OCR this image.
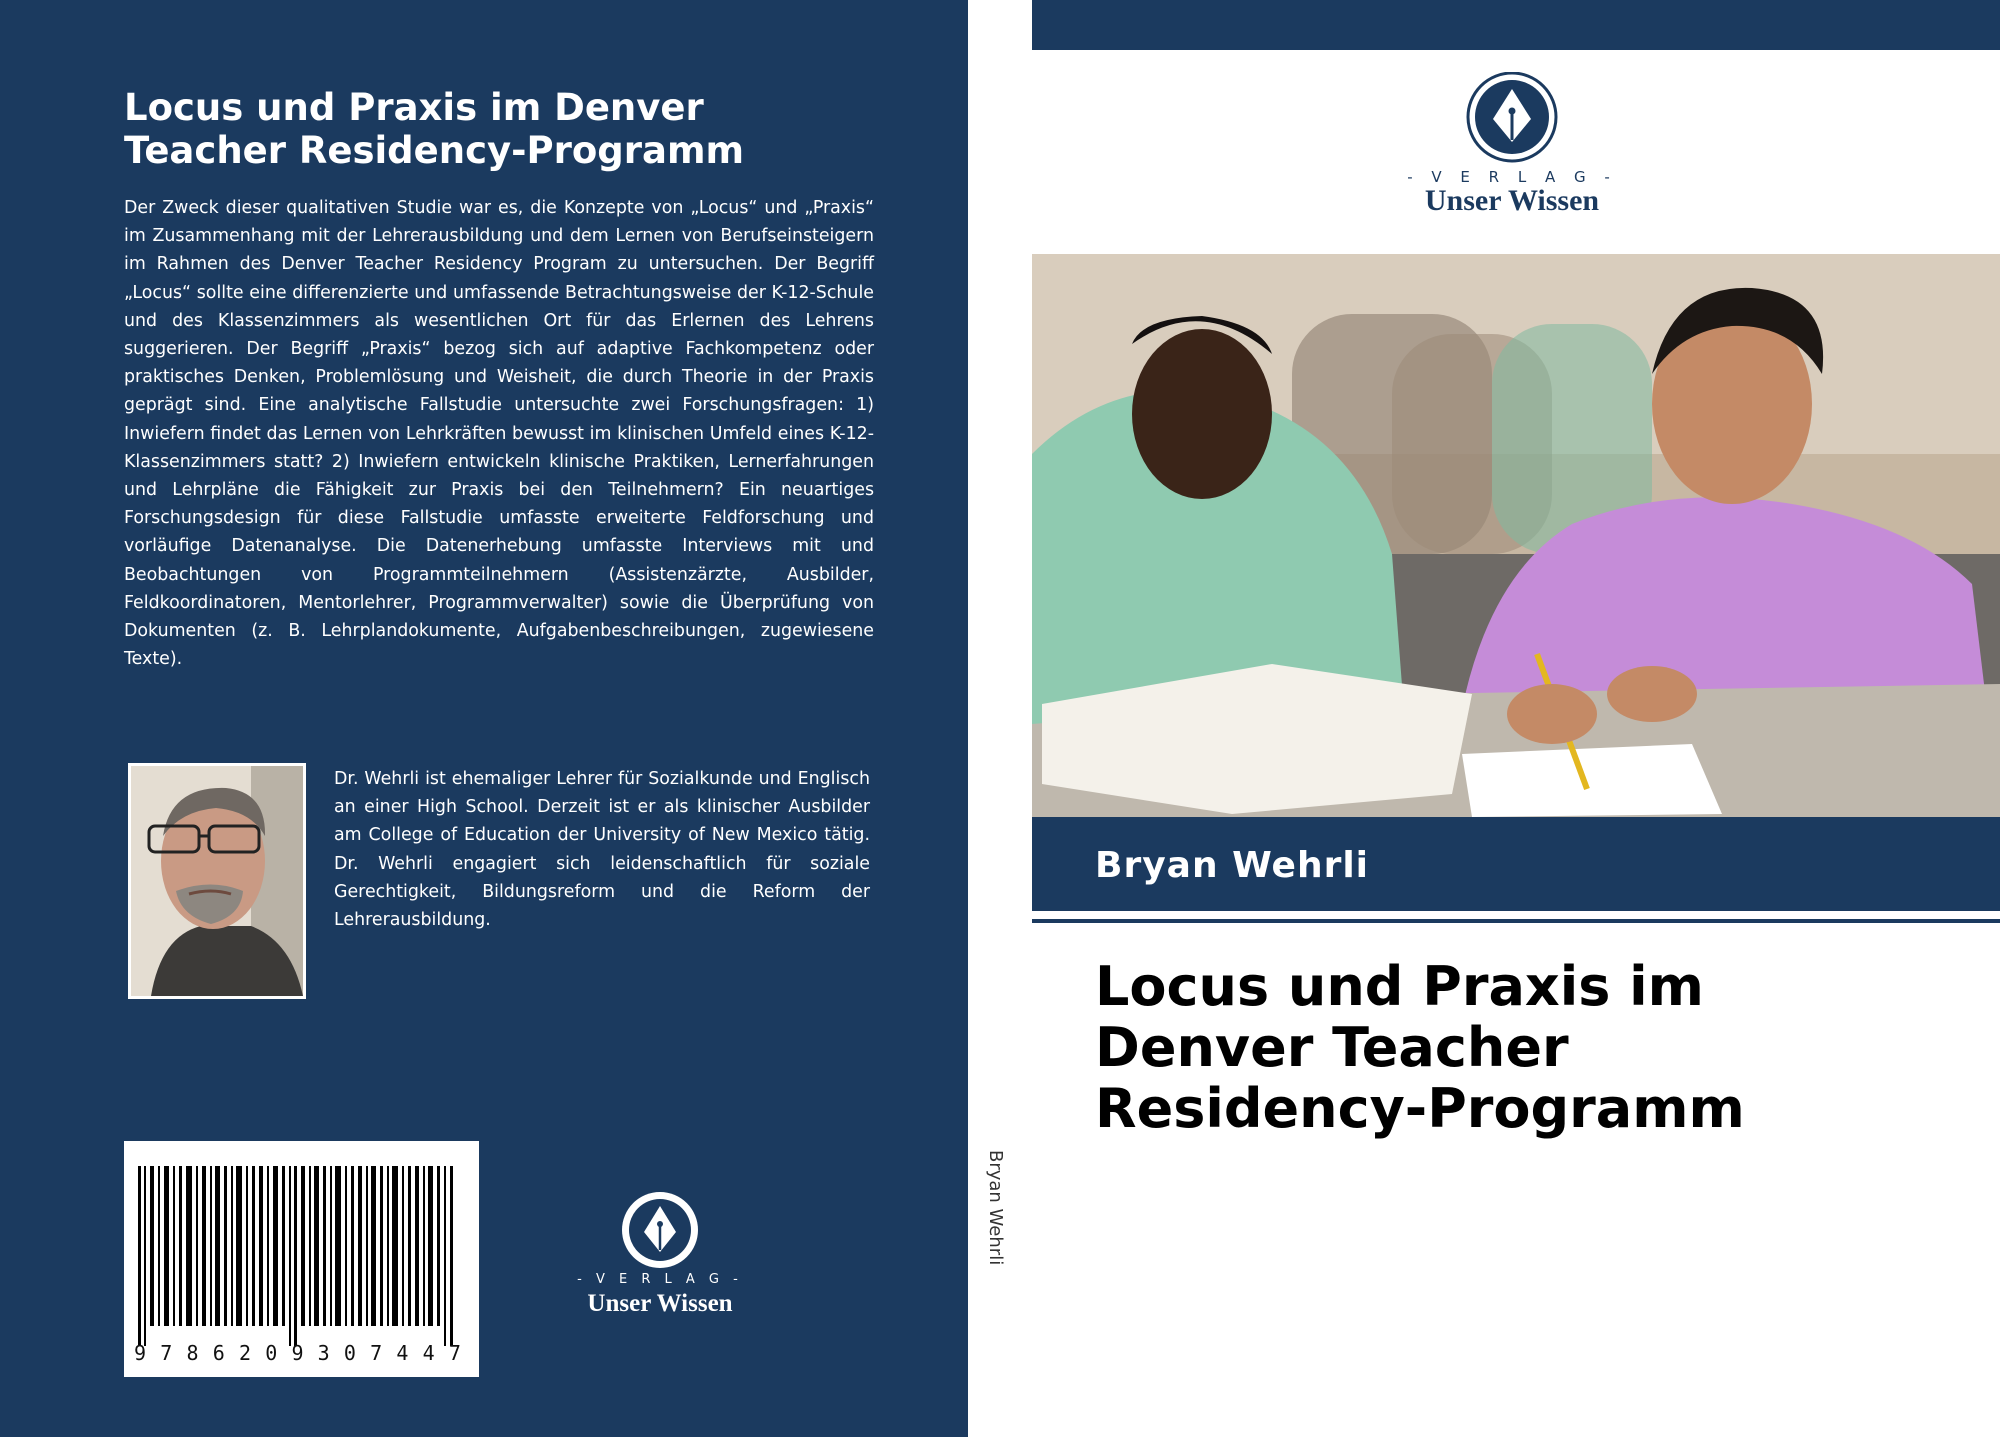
Locus und Praxis im Denver
Teacher Residency-Programm

Der Zweck dieser qualitativen Studie war es, die Konzepte von „Locus“ und „Praxis“ im Zusammenhang mit der Lehrerausbildung und dem Lernen von Berufseinsteigern im Rahmen des Denver Teacher Residency Program zu untersuchen. Der Begriff „Locus“ sollte eine differenzierte und umfassende Betrachtungsweise der K-12-Schule und des Klassenzimmers als wesentlichen Ort für das Erlernen des Lehrens suggerieren. Der Begriff „Praxis“ bezog sich auf adaptive Fachkompetenz oder praktisches Denken, Problemlösung und Weisheit, die durch Theorie in der Praxis geprägt sind. Eine analytische Fallstudie untersuchte zwei Forschungsfragen: 1) Inwiefern findet das Lernen von Lehrkräften bewusst im klinischen Umfeld eines K-12-Klassenzimmers statt? 2) Inwiefern entwickeln klinische Praktiken, Lernerfahrungen und Lehrpläne die Fähigkeit zur Praxis bei den Teilnehmern? Ein neuartiges Forschungsdesign für diese Fallstudie umfasste erweiterte Feldforschung und vorläufige Datenanalyse. Die Datenerhebung umfasste Interviews mit und Beobachtungen von Programmteilnehmern (Assistenzärzte, Ausbilder, Feldkoordinatoren, Mentorlehrer, Programmverwalter) sowie die Überprüfung von Dokumenten (z. B. Lehrplandokumente, Aufgabenbeschreibungen, zugewiesene Texte).

Dr. Wehrli ist ehemaliger Lehrer für Sozialkunde und Englisch an einer High School. Derzeit ist er als klinischer Ausbilder am College of Education der University of New Mexico tätig. Dr. Wehrli engagiert sich leidenschaftlich für soziale Gerechtigkeit, Bildungsreform und die Reform der Lehrerausbildung.

9786209307447
- V E R L A G -
Unser Wissen
Bryan Wehrli
- V E R L A G -
Unser Wissen
Bryan Wehrli
Locus und Praxis im
Denver Teacher
Residency-Programm
